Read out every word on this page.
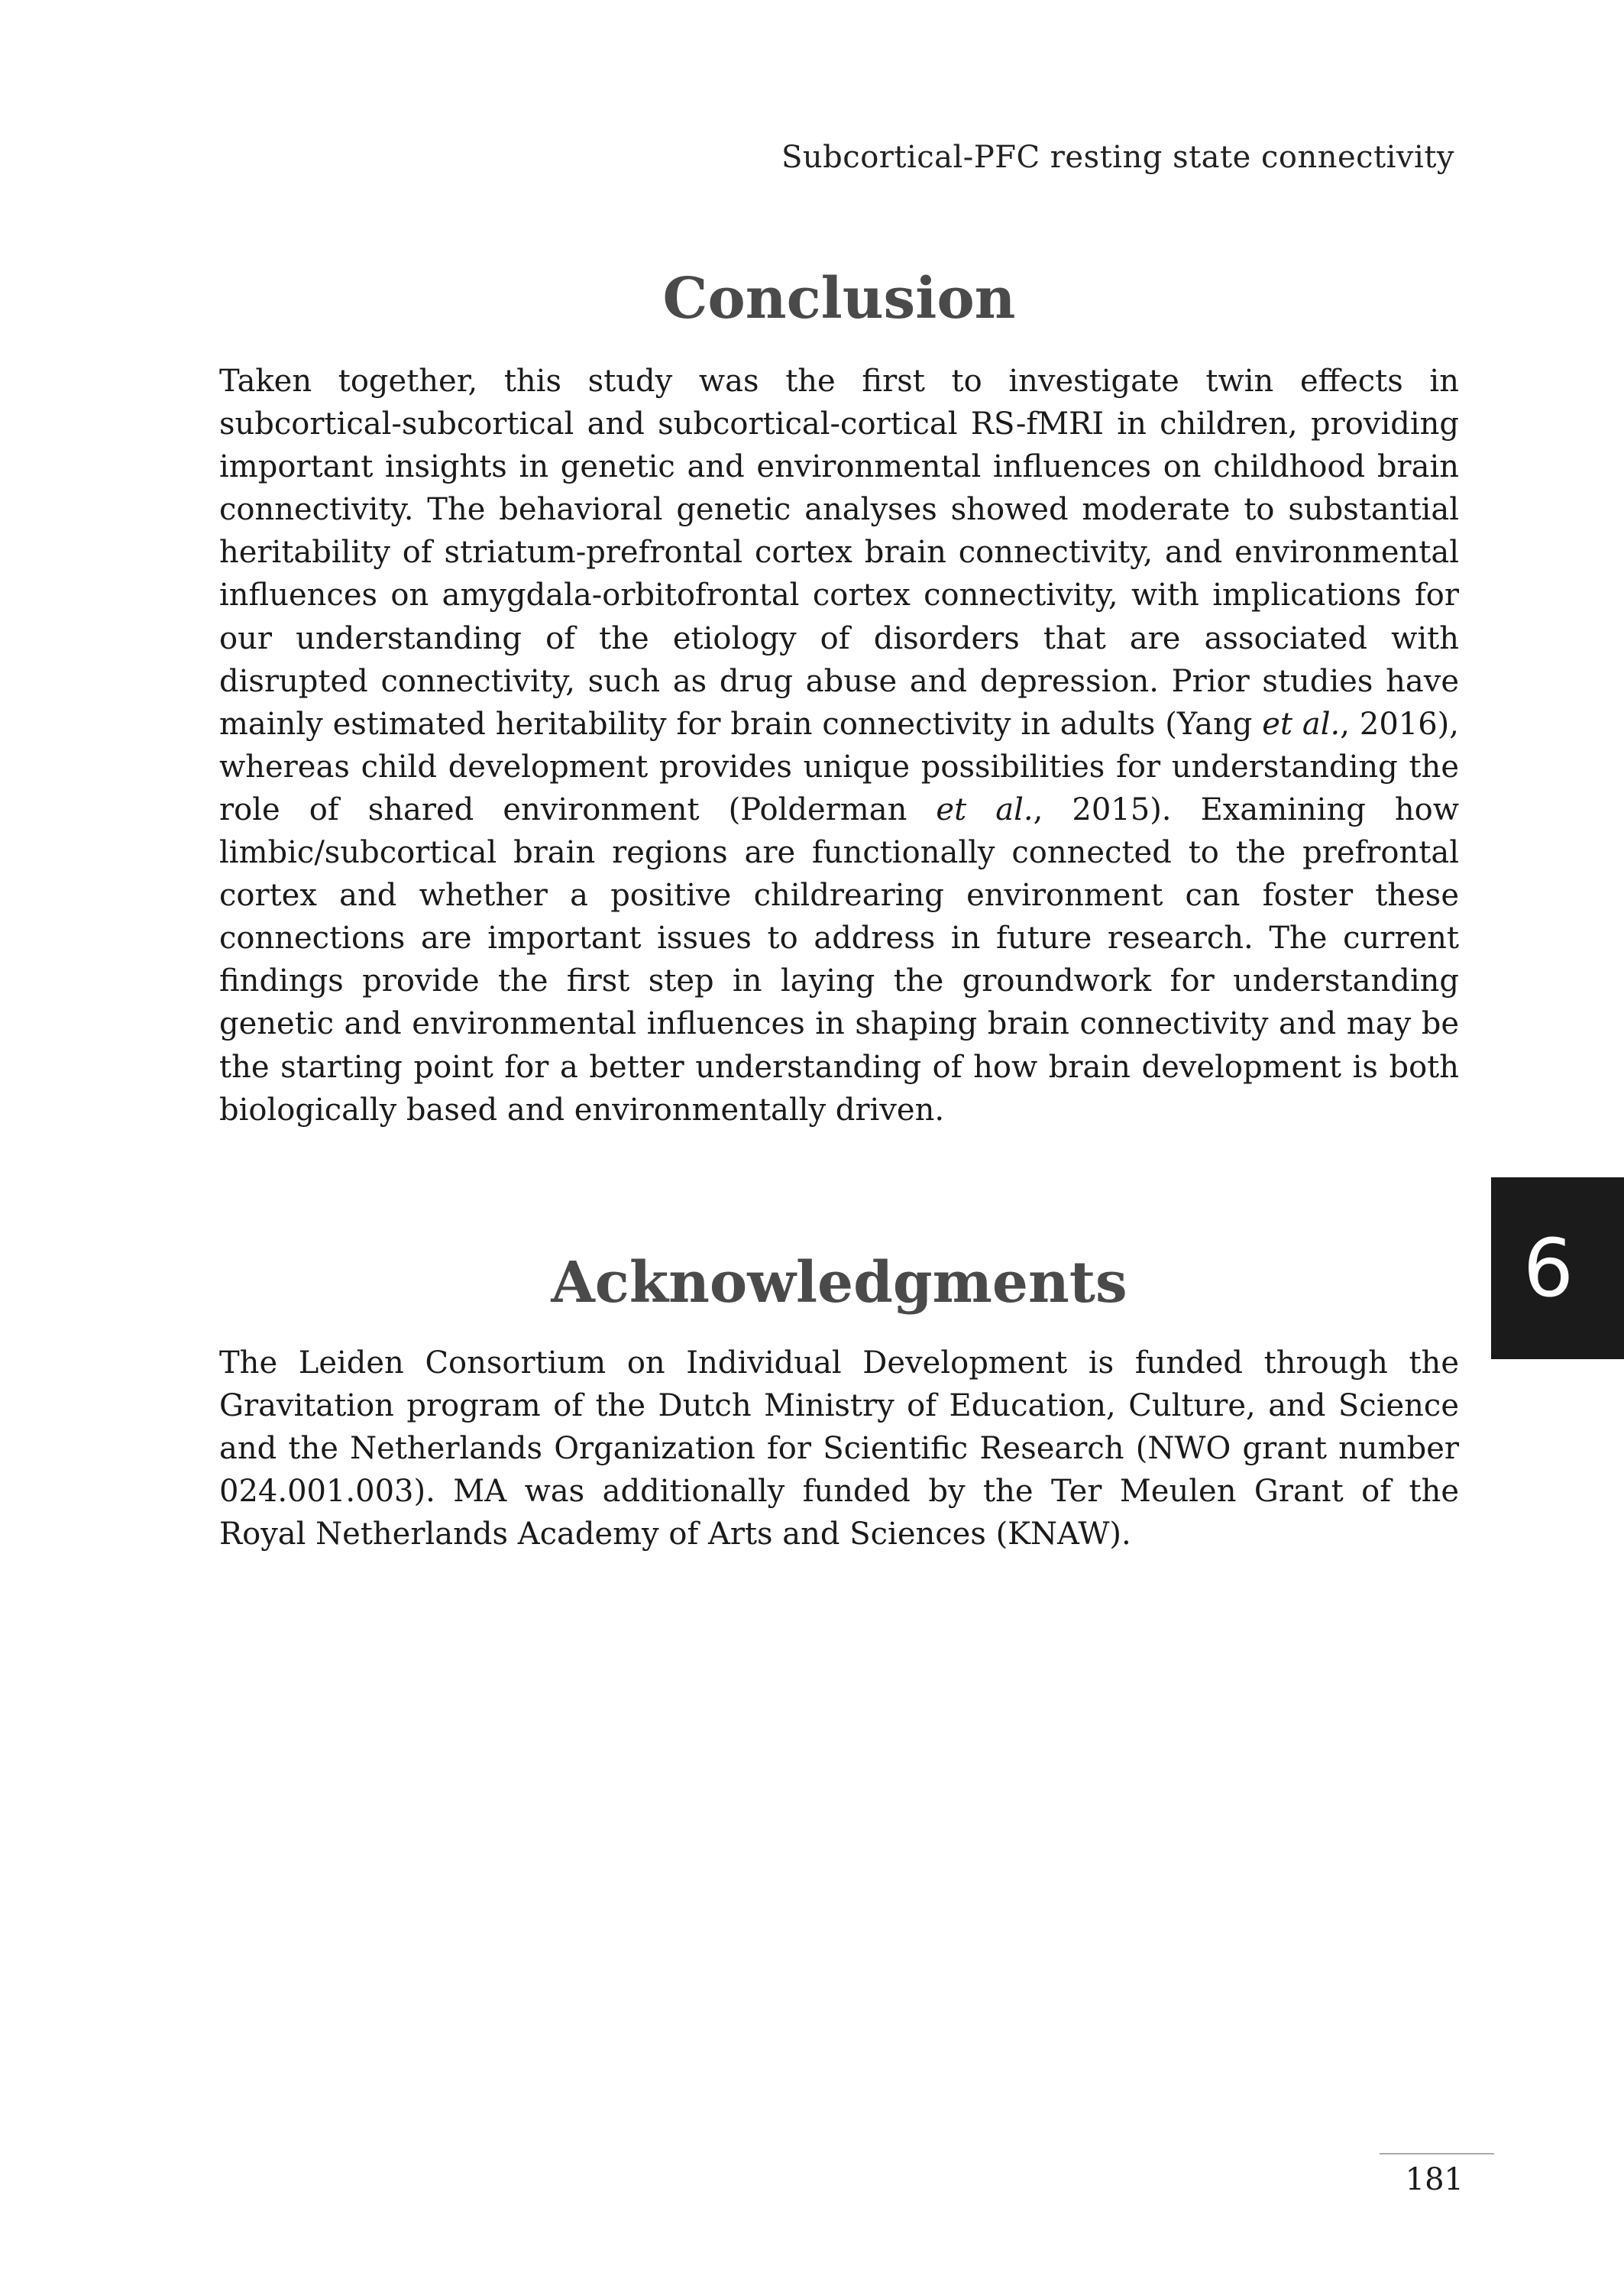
Subcortical-PFC resting state connectivity
Conclusion

Taken together, this study was the first to investigate twin effects in subcortical-subcortical and subcortical-cortical RS-fMRI in children, providing important insights in genetic and environmental influences on childhood brain connectivity. The behavioral genetic analyses showed moderate to substantial heritability of striatum-prefrontal cortex brain connectivity, and environmental influences on amygdala-orbitofrontal cortex connectivity, with implications for our understanding of the etiology of disorders that are associated with disrupted connectivity, such as drug abuse and depression. Prior studies have mainly estimated heritability for brain connectivity in adults (Yang et al., 2016), whereas child development provides unique possibilities for understanding the role of shared environment (Polderman et al., 2015). Examining how limbic/subcortical brain regions are functionally connected to the prefrontal cortex and whether a positive childrearing environment can foster these connections are important issues to address in future research. The current findings provide the first step in laying the groundwork for understanding genetic and environmental influences in shaping brain connectivity and may be the starting point for a better understanding of how brain development is both biologically based and environmentally driven.

Acknowledgments

The Leiden Consortium on Individual Development is funded through the Gravitation program of the Dutch Ministry of Education, Culture, and Science and the Netherlands Organization for Scientific Research (NWO grant number 024.001.003). MA was additionally funded by the Ter Meulen Grant of the Royal Netherlands Academy of Arts and Sciences (KNAW).

6
181
